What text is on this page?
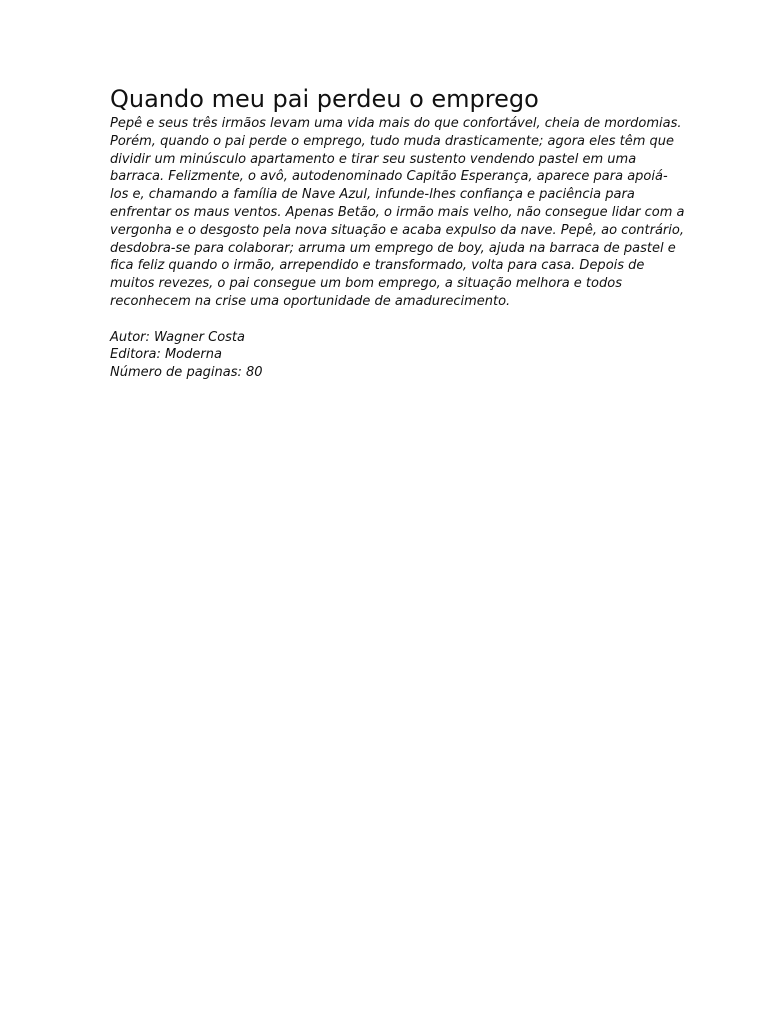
Quando meu pai perdeu o emprego

Pepê e seus três irmãos levam uma vida mais do que confortável, cheia de mordomias.
Porém, quando o pai perde o emprego, tudo muda drasticamente; agora eles têm que
dividir um minúsculo apartamento e tirar seu sustento vendendo pastel em uma
barraca. Felizmente, o avô, autodenominado Capitão Esperança, aparece para apoiá-
los e, chamando a família de Nave Azul, infunde-lhes confiança e paciência para
enfrentar os maus ventos. Apenas Betão, o irmão mais velho, não consegue lidar com a
vergonha e o desgosto pela nova situação e acaba expulso da nave. Pepê, ao contrário,
desdobra-se para colaborar; arruma um emprego de boy, ajuda na barraca de pastel e
fica feliz quando o irmão, arrependido e transformado, volta para casa. Depois de
muitos revezes, o pai consegue um bom emprego, a situação melhora e todos
reconhecem na crise uma oportunidade de amadurecimento.

Autor: Wagner Costa
Editora: Moderna
Número de paginas: 80
